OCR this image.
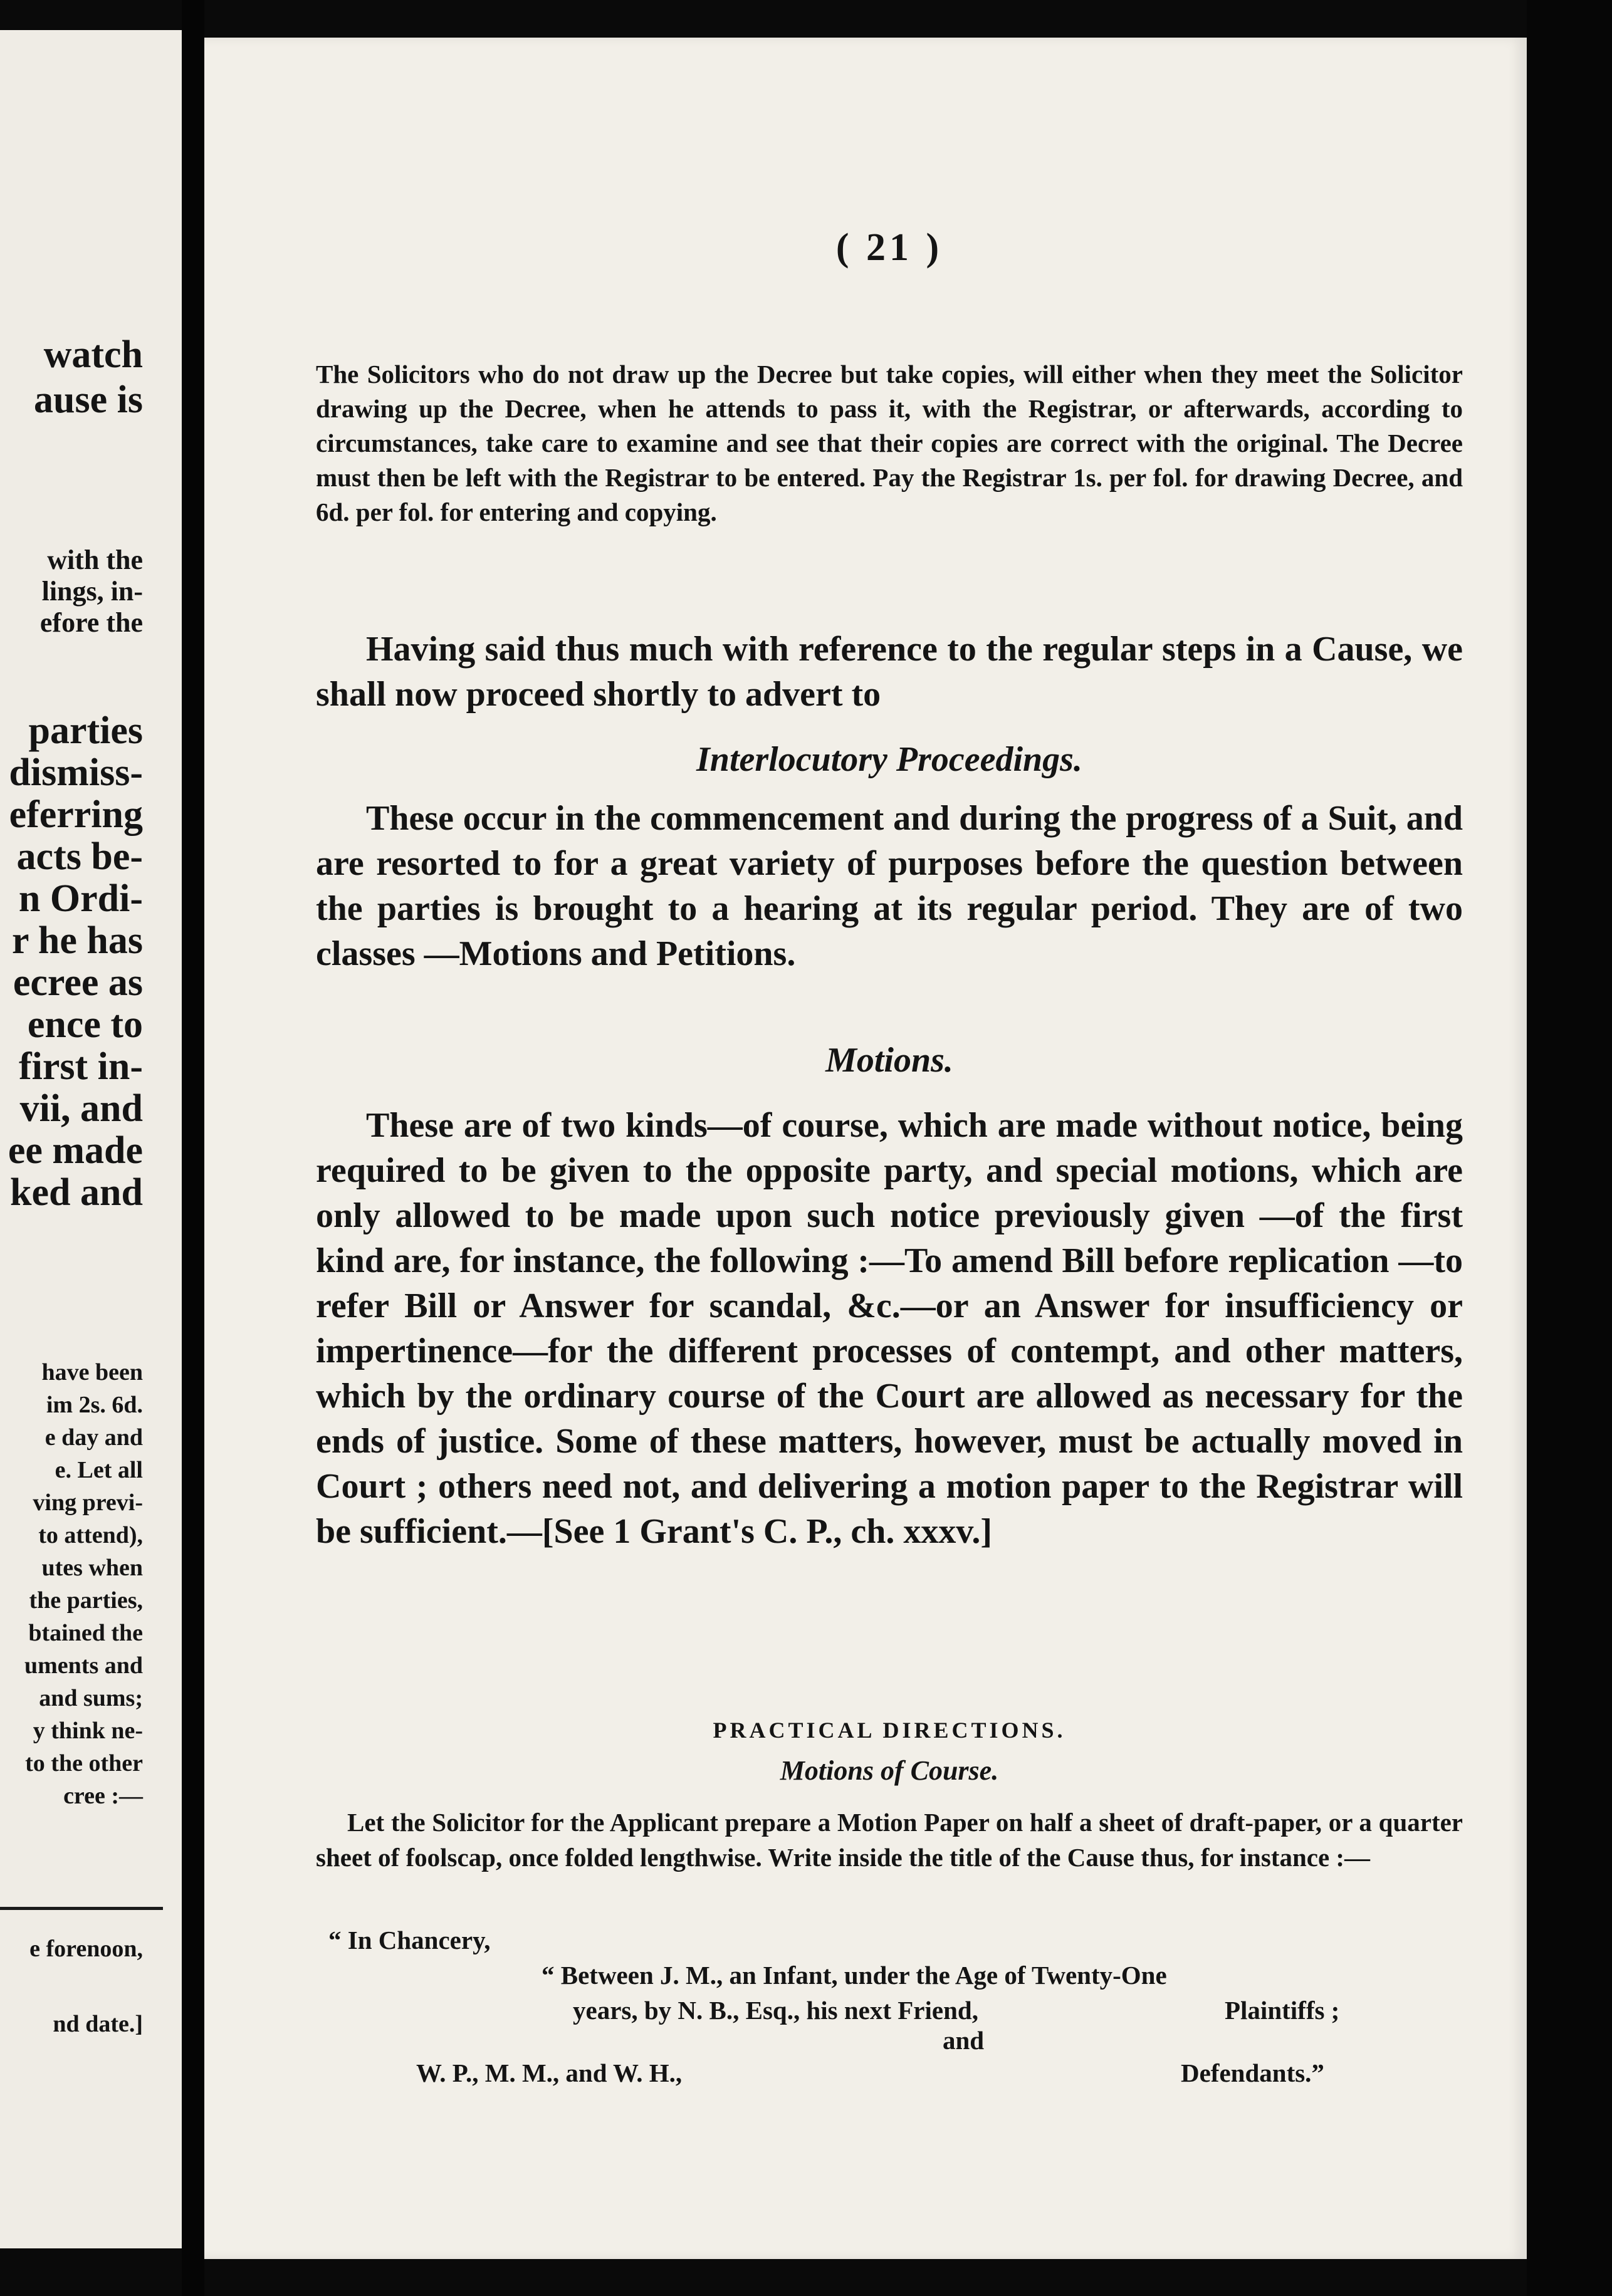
watch
ause is
with the
lings, in-
efore the
parties
dismiss-
eferring
acts be-
n Ordi-
r he has
ecree as
ence to
first in-
vii, and
ee made
ked and
have been
im 2s. 6d.
e day and
e. Let all
ving previ-
to attend),
utes when
the parties,
btained the
uments and
and sums;
y think ne-
to the other
cree :—
e forenoon,
nd date.]
( 21 )
The Solicitors who do not draw up the Decree but take copies, will either when they meet the Solicitor drawing up the Decree, when he attends to pass it, with the Registrar, or afterwards, according to circumstances, take care to examine and see that their copies are correct with the original. The Decree must then be left with the Registrar to be entered. Pay the Registrar 1s. per fol. for drawing Decree, and 6d. per fol. for entering and copying.
Having said thus much with reference to the regular steps in a Cause, we shall now proceed shortly to advert to
Interlocutory Proceedings.
These occur in the commencement and during the progress of a Suit, and are resorted to for a great variety of purposes before the question between the parties is brought to a hearing at its regular period. They are of two classes —Motions and Petitions.
Motions.
These are of two kinds—of course, which are made without notice, being required to be given to the opposite party, and special motions, which are only allowed to be made upon such notice previously given —of the first kind are, for instance, the following :—To amend Bill before replication —to refer Bill or Answer for scandal, &c.—or an Answer for insufficiency or impertinence—for the different processes of contempt, and other matters, which by the ordinary course of the Court are allowed as necessary for the ends of justice. Some of these matters, however, must be actually moved in Court ; others need not, and delivering a motion paper to the Registrar will be sufficient.—[See 1 Grant's C. P., ch. xxxv.]
PRACTICAL DIRECTIONS.
Motions of Course.
Let the Solicitor for the Applicant prepare a Motion Paper on half a sheet of draft-paper, or a quarter sheet of foolscap, once folded lengthwise. Write inside the title of the Cause thus, for instance :—
“ In Chancery,
“ Between J. M., an Infant, under the Age of Twenty-One
years, by N. B., Esq., his next Friend,	Plaintiffs ;
and
W. P., M. M., and W. H.,	Defendants.”
